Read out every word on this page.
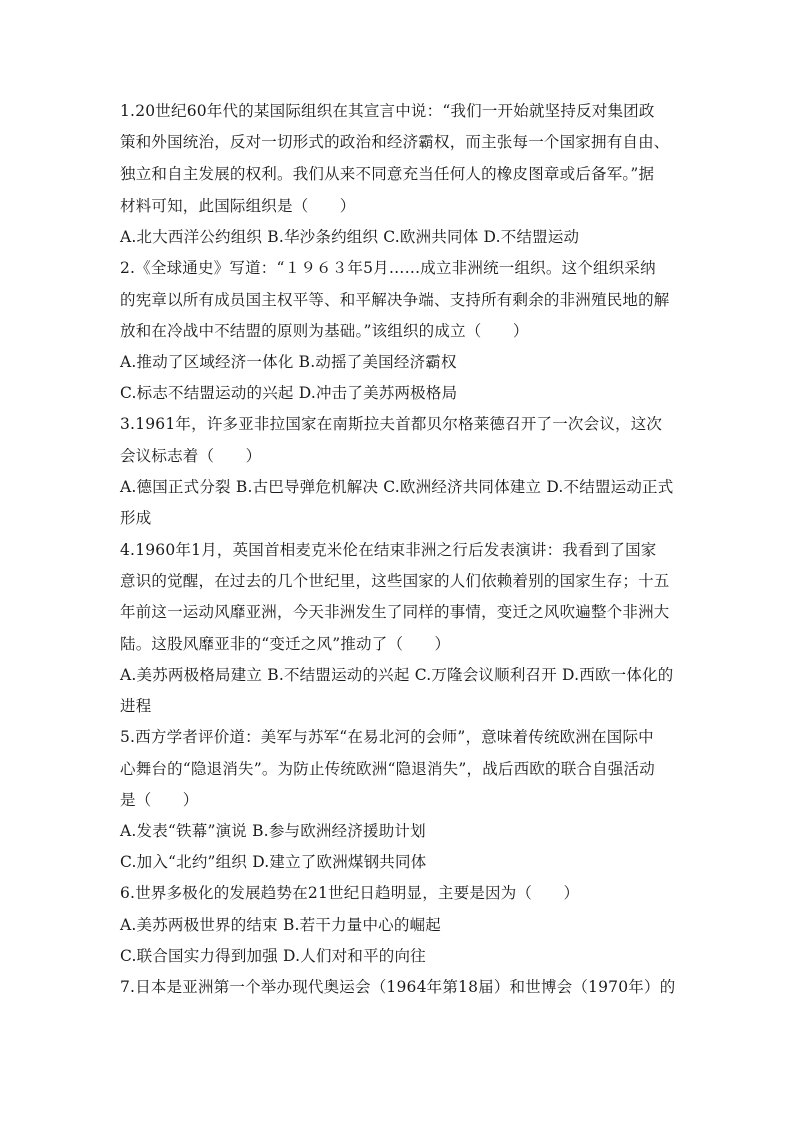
1.20世纪60年代的某国际组织在其宣言中说：“我们一开始就坚持反对集团政
策和外国统治，反对一切形式的政治和经济霸权，而主张每一个国家拥有自由、
独立和自主发展的权利。我们从来不同意充当任何人的橡皮图章或后备军。”据
材料可知，此国际组织是（　　）
A.北大西洋公约组织 B.华沙条约组织 C.欧洲共同体 D.不结盟运动
2.《全球通史》写道：“１９６３年5月……成立非洲统一组织。这个组织采纳
的宪章以所有成员国主权平等、和平解决争端、支持所有剩余的非洲殖民地的解
放和在冷战中不结盟的原则为基础。”该组织的成立（　　）
A.推动了区域经济一体化 B.动摇了美国经济霸权
C.标志不结盟运动的兴起 D.冲击了美苏两极格局
3.1961年，许多亚非拉国家在南斯拉夫首都贝尔格莱德召开了一次会议，这次
会议标志着（　　）
A.德国正式分裂 B.古巴导弹危机解决 C.欧洲经济共同体建立 D.不结盟运动正式
形成
4.1960年1月，英国首相麦克米伦在结束非洲之行后发表演讲：我看到了国家
意识的觉醒，在过去的几个世纪里，这些国家的人们依赖着别的国家生存；十五
年前这一运动风靡亚洲，今天非洲发生了同样的事情，变迁之风吹遍整个非洲大
陆。这股风靡亚非的“变迁之风”推动了（　　）
A.美苏两极格局建立 B.不结盟运动的兴起 C.万隆会议顺利召开 D.西欧一体化的
进程
5.西方学者评价道：美军与苏军“在易北河的会师”，意味着传统欧洲在国际中
心舞台的“隐退消失”。为防止传统欧洲“隐退消失”，战后西欧的联合自强活动
是（　　）
A.发表“铁幕”演说 B.参与欧洲经济援助计划
C.加入“北约”组织 D.建立了欧洲煤钢共同体
6.世界多极化的发展趋势在21世纪日趋明显，主要是因为（　　）
A.美苏两极世界的结束 B.若干力量中心的崛起
C.联合国实力得到加强 D.人们对和平的向往
7.日本是亚洲第一个举办现代奥运会（1964年第18届）和世博会（1970年）的
